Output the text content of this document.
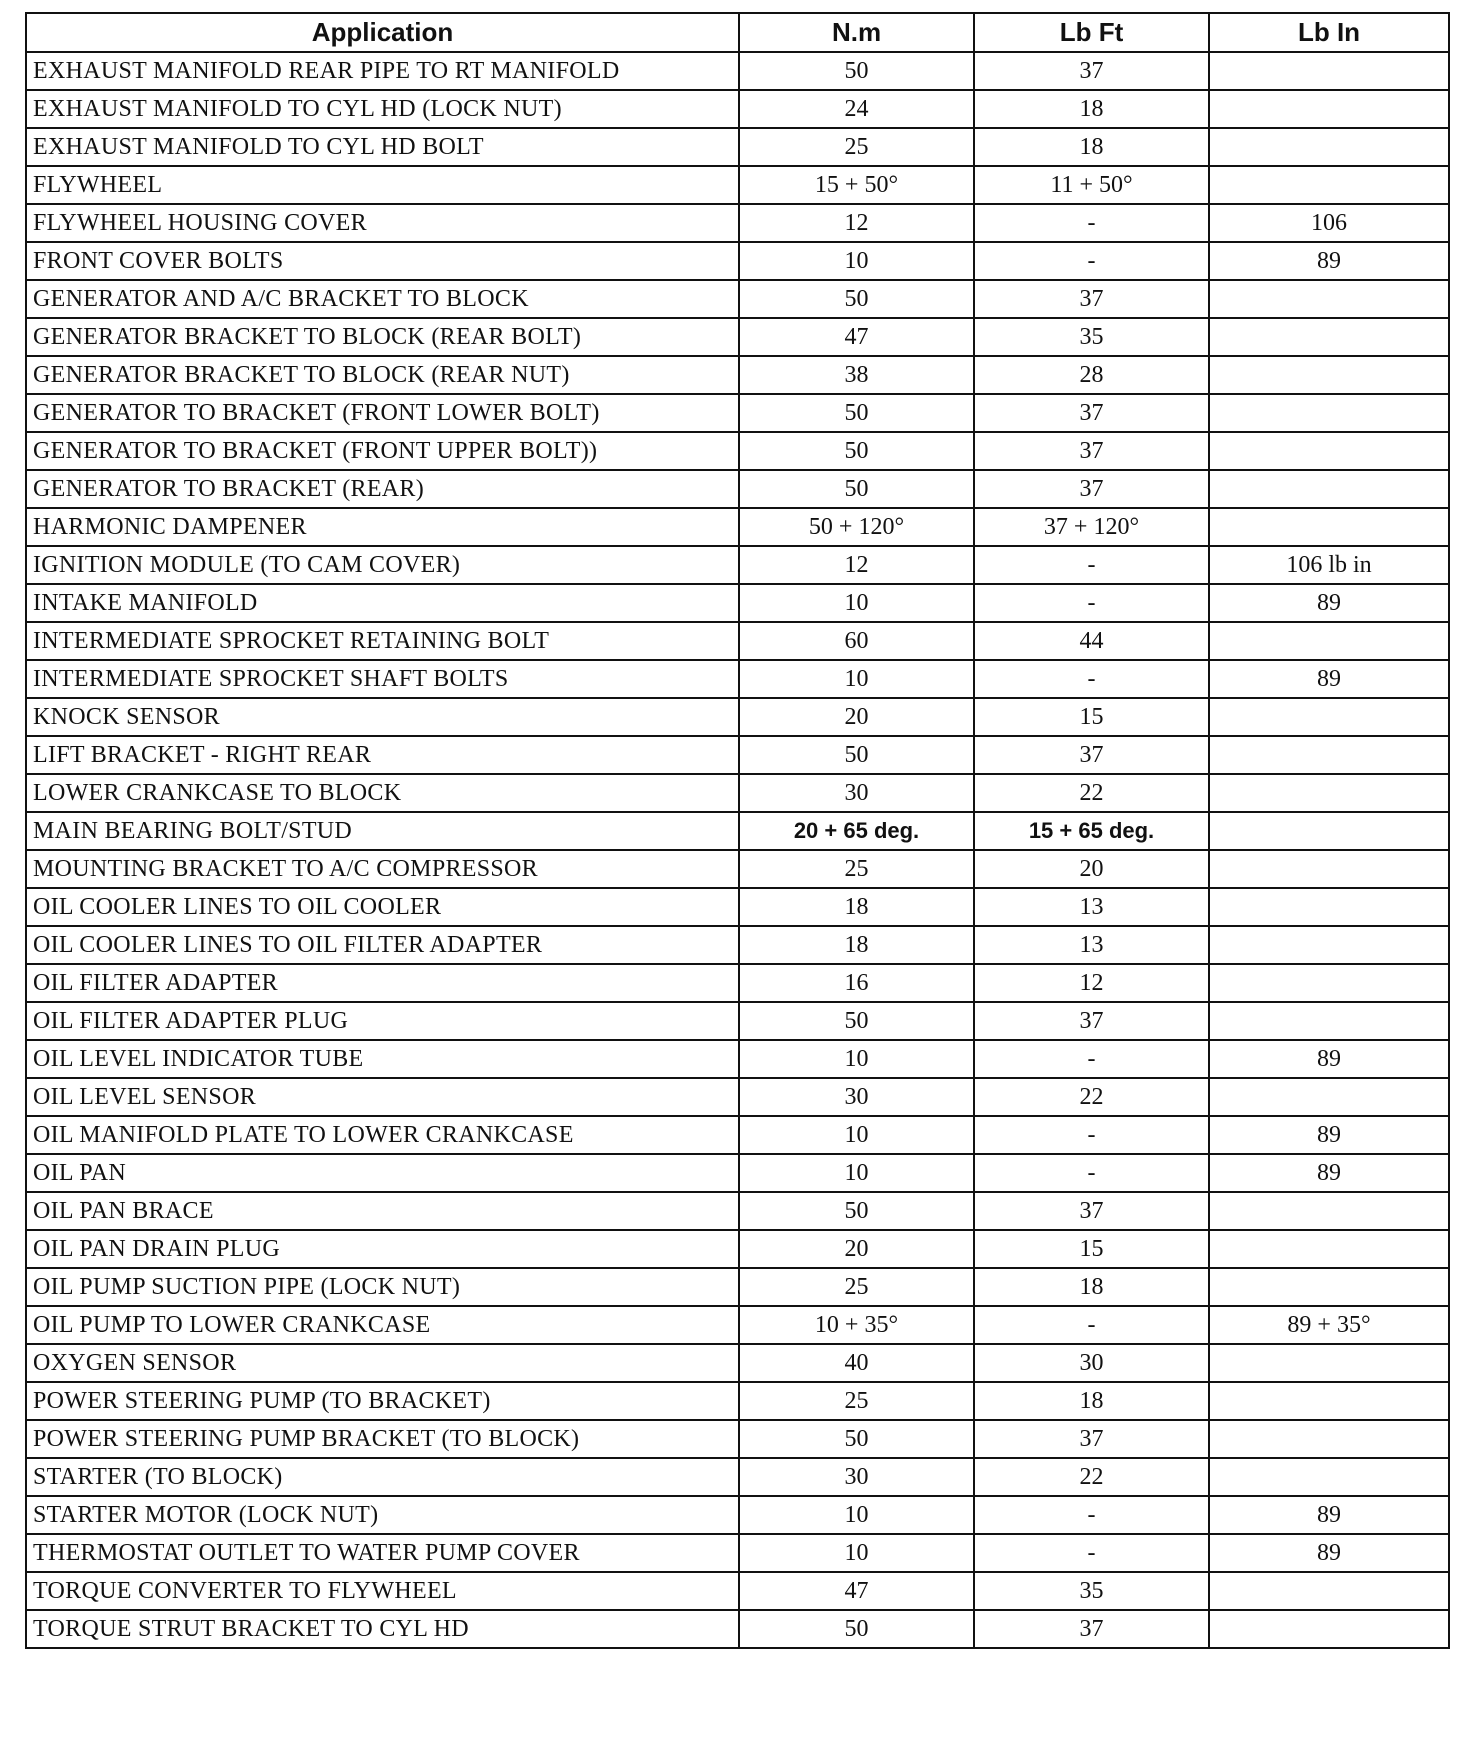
Application	N.m	Lb Ft	Lb In
EXHAUST MANIFOLD REAR PIPE TO RT MANIFOLD	50	37	
EXHAUST MANIFOLD TO CYL HD (LOCK NUT)	24	18	
EXHAUST MANIFOLD TO CYL HD BOLT	25	18	
FLYWHEEL	15 + 50°	11 + 50°	
FLYWHEEL HOUSING COVER	12	-	106
FRONT COVER BOLTS	10	-	89
GENERATOR AND A/C BRACKET TO BLOCK	50	37	
GENERATOR BRACKET TO BLOCK (REAR BOLT)	47	35	
GENERATOR BRACKET TO BLOCK (REAR NUT)	38	28	
GENERATOR TO BRACKET (FRONT LOWER BOLT)	50	37	
GENERATOR TO BRACKET (FRONT UPPER BOLT))	50	37	
GENERATOR TO BRACKET (REAR)	50	37	
HARMONIC DAMPENER	50 + 120°	37 + 120°	
IGNITION MODULE (TO CAM COVER)	12	-	106 lb in
INTAKE MANIFOLD	10	-	89
INTERMEDIATE SPROCKET RETAINING BOLT	60	44	
INTERMEDIATE SPROCKET SHAFT BOLTS	10	-	89
KNOCK SENSOR	20	15	
LIFT BRACKET - RIGHT REAR	50	37	
LOWER CRANKCASE TO BLOCK	30	22	
MAIN BEARING BOLT/STUD	20 + 65 deg.	15 + 65 deg.	
MOUNTING BRACKET TO A/C COMPRESSOR	25	20	
OIL COOLER LINES TO OIL COOLER	18	13	
OIL COOLER LINES TO OIL FILTER ADAPTER	18	13	
OIL FILTER ADAPTER	16	12	
OIL FILTER ADAPTER PLUG	50	37	
OIL LEVEL INDICATOR TUBE	10	-	89
OIL LEVEL SENSOR	30	22	
OIL MANIFOLD PLATE TO LOWER CRANKCASE	10	-	89
OIL PAN	10	-	89
OIL PAN BRACE	50	37	
OIL PAN DRAIN PLUG	20	15	
OIL PUMP SUCTION PIPE (LOCK NUT)	25	18	
OIL PUMP TO LOWER CRANKCASE	10 + 35°	-	89 + 35°
OXYGEN SENSOR	40	30	
POWER STEERING PUMP (TO BRACKET)	25	18	
POWER STEERING PUMP BRACKET (TO BLOCK)	50	37	
STARTER (TO BLOCK)	30	22	
STARTER MOTOR (LOCK NUT)	10	-	89
THERMOSTAT OUTLET TO WATER PUMP COVER	10	-	89
TORQUE CONVERTER TO FLYWHEEL	47	35	
TORQUE STRUT BRACKET TO CYL HD	50	37	
